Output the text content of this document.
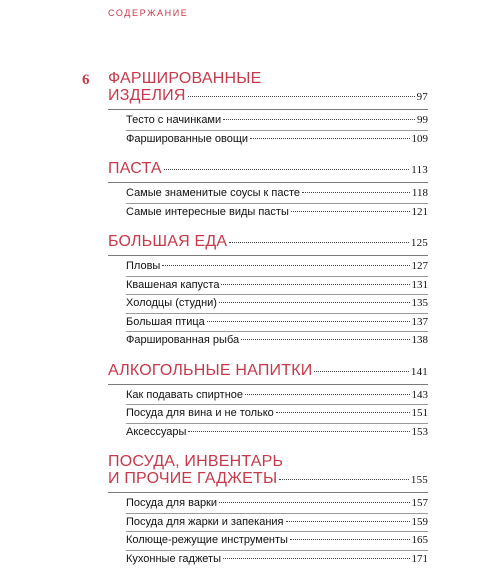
СОДЕРЖАНИЕ
6 ФАРШИРОВАННЫЕ
ИЗДЕЛИЯ	97
Тесто с начинками	99
Фаршированные овощи	109
ПАСТА	113
Самые знаменитые соусы к пасте	118
Самые интересные виды пасты	121
БОЛЬШАЯ ЕДА	125
Пловы	127
Квашеная капуста	131
Холодцы (студни)	135
Большая птица	137
Фаршированная рыба	138
АЛКОГОЛЬНЫЕ НАПИТКИ	141
Как подавать спиртное	143
Посуда для вина и не только	151
Аксессуары	153
ПОСУДА, ИНВЕНТАРЬ
И ПРОЧИЕ ГАДЖЕТЫ	155
Посуда для варки	157
Посуда для жарки и запекания	159
Колюще-режущие инструменты	165
Кухонные гаджеты	171
